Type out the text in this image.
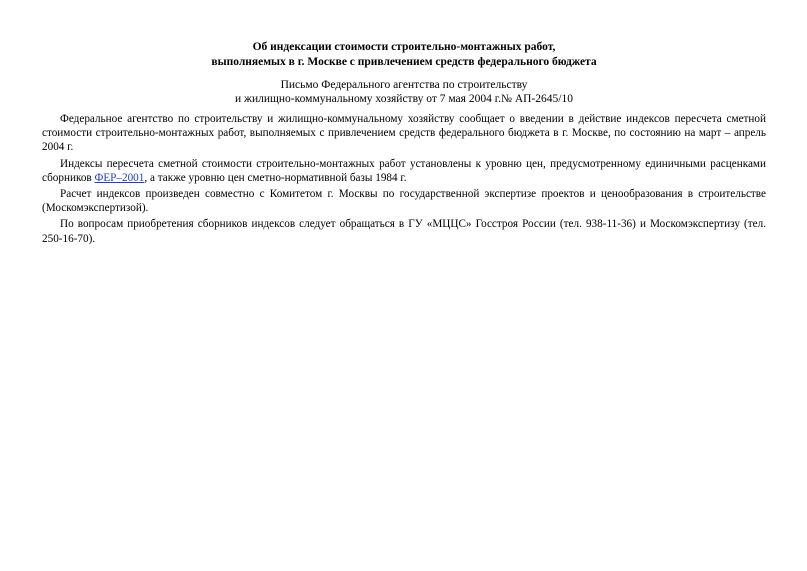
Об индексации стоимости строительно-монтажных работ,
выполняемых в г. Москве с привлечением средств федерального бюджета

Письмо Федерального агентства по строительству
и жилищно-коммунальному хозяйству от 7 мая 2004 г.№ АП-2645/10

Федеральное агентство по строительству и жилищно-коммунальному хозяйству сообщает о введении в действие индексов пересчета сметной стоимости строительно-монтажных работ, выполняемых с привлечением средств федерального бюджета в г. Москве, по состоянию на март – апрель 2004 г.

Индексы пересчета сметной стоимости строительно-монтажных работ установлены к уровню цен, предусмотренному единичными расценками сборников ФЕР–2001, а также уровню цен сметно-нормативной базы 1984 г.

Расчет индексов произведен совместно с Комитетом г. Москвы по государственной экспертизе проектов и ценообразования в строительстве (Москомэкспертизой).

По вопросам приобретения сборников индексов следует обращаться в ГУ «МЦЦС» Госстроя России (тел. 938-11-36) и Москомэкспертизу (тел. 250-16-70).
